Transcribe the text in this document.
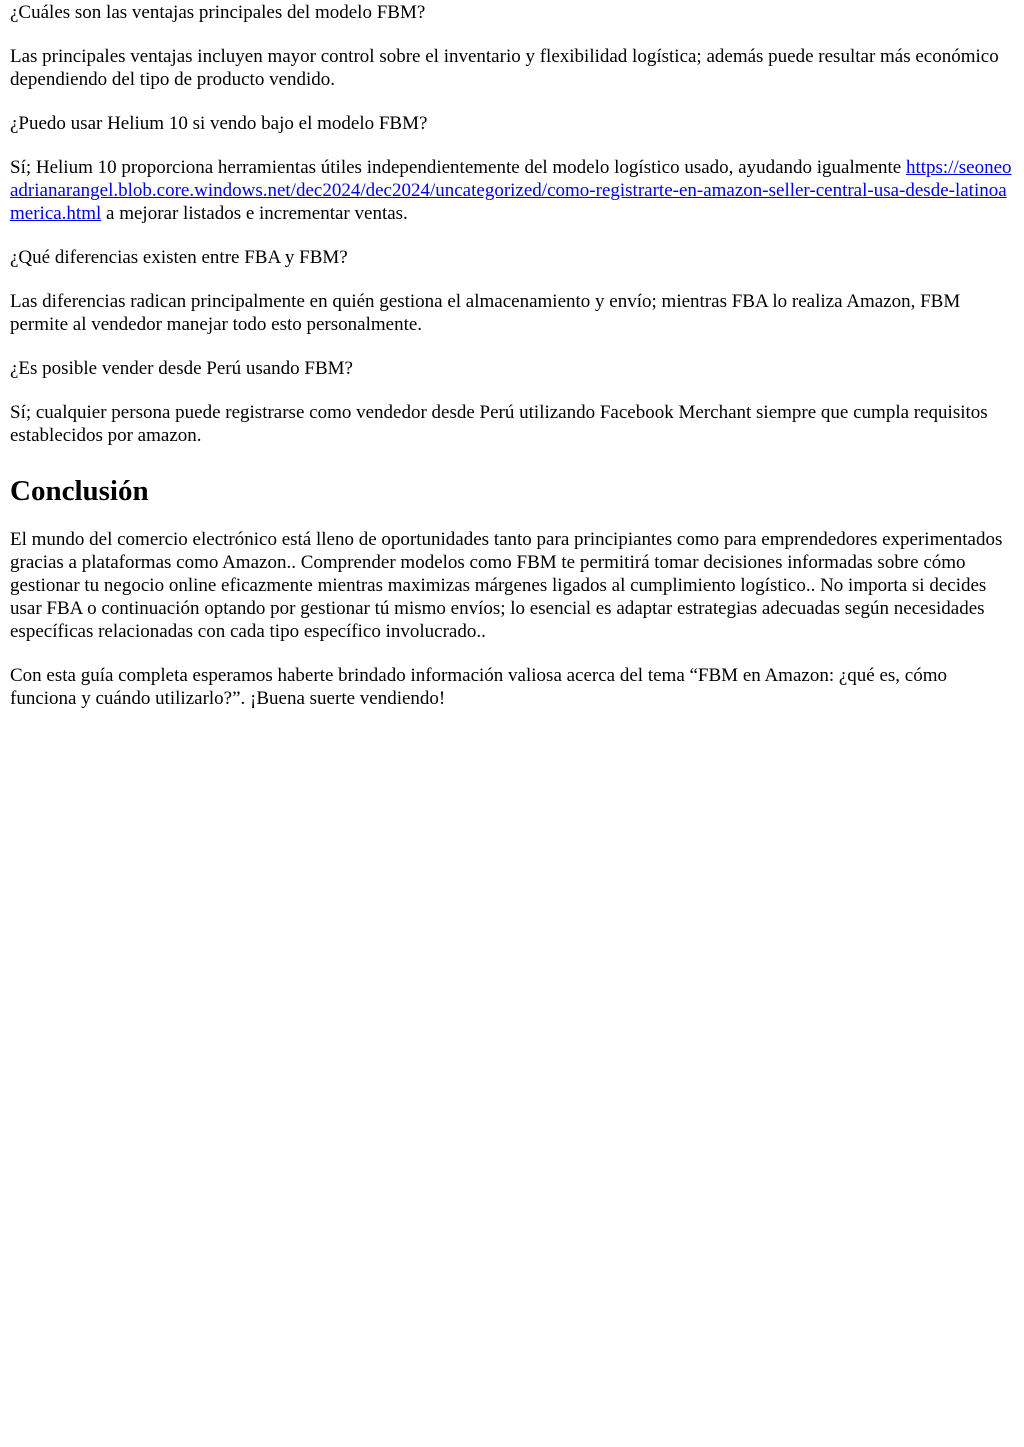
¿Cuáles son las ventajas principales del modelo FBM?

Las principales ventajas incluyen mayor control sobre el inventario y flexibilidad logística; además puede resultar más económico dependiendo del tipo de producto vendido.

¿Puedo usar Helium 10 si vendo bajo el modelo FBM?

Sí; Helium 10 proporciona herramientas útiles independientemente del modelo logístico usado, ayudando igualmente https://seoneoadrianarangel.blob.core.windows.net/dec2024/dec2024/uncategorized/como-registrarte-en-amazon-seller-central-usa-desde-latinoamerica.html a mejorar listados e incrementar ventas.

¿Qué diferencias existen entre FBA y FBM?

Las diferencias radican principalmente en quién gestiona el almacenamiento y envío; mientras FBA lo realiza Amazon, FBM permite al vendedor manejar todo esto personalmente.

¿Es posible vender desde Perú usando FBM?

Sí; cualquier persona puede registrarse como vendedor desde Perú utilizando Facebook Merchant siempre que cumpla requisitos establecidos por amazon.

Conclusión

El mundo del comercio electrónico está lleno de oportunidades tanto para principiantes como para emprendedores experimentados gracias a plataformas como Amazon.. Comprender modelos como FBM te permitirá tomar decisiones informadas sobre cómo gestionar tu negocio online eficazmente mientras maximizas márgenes ligados al cumplimiento logístico.. No importa si decides usar FBA o continuación optando por gestionar tú mismo envíos; lo esencial es adaptar estrategias adecuadas según necesidades específicas relacionadas con cada tipo específico involucrado..

Con esta guía completa esperamos haberte brindado información valiosa acerca del tema “FBM en Amazon: ¿qué es, cómo funciona y cuándo utilizarlo?”. ¡Buena suerte vendiendo!
